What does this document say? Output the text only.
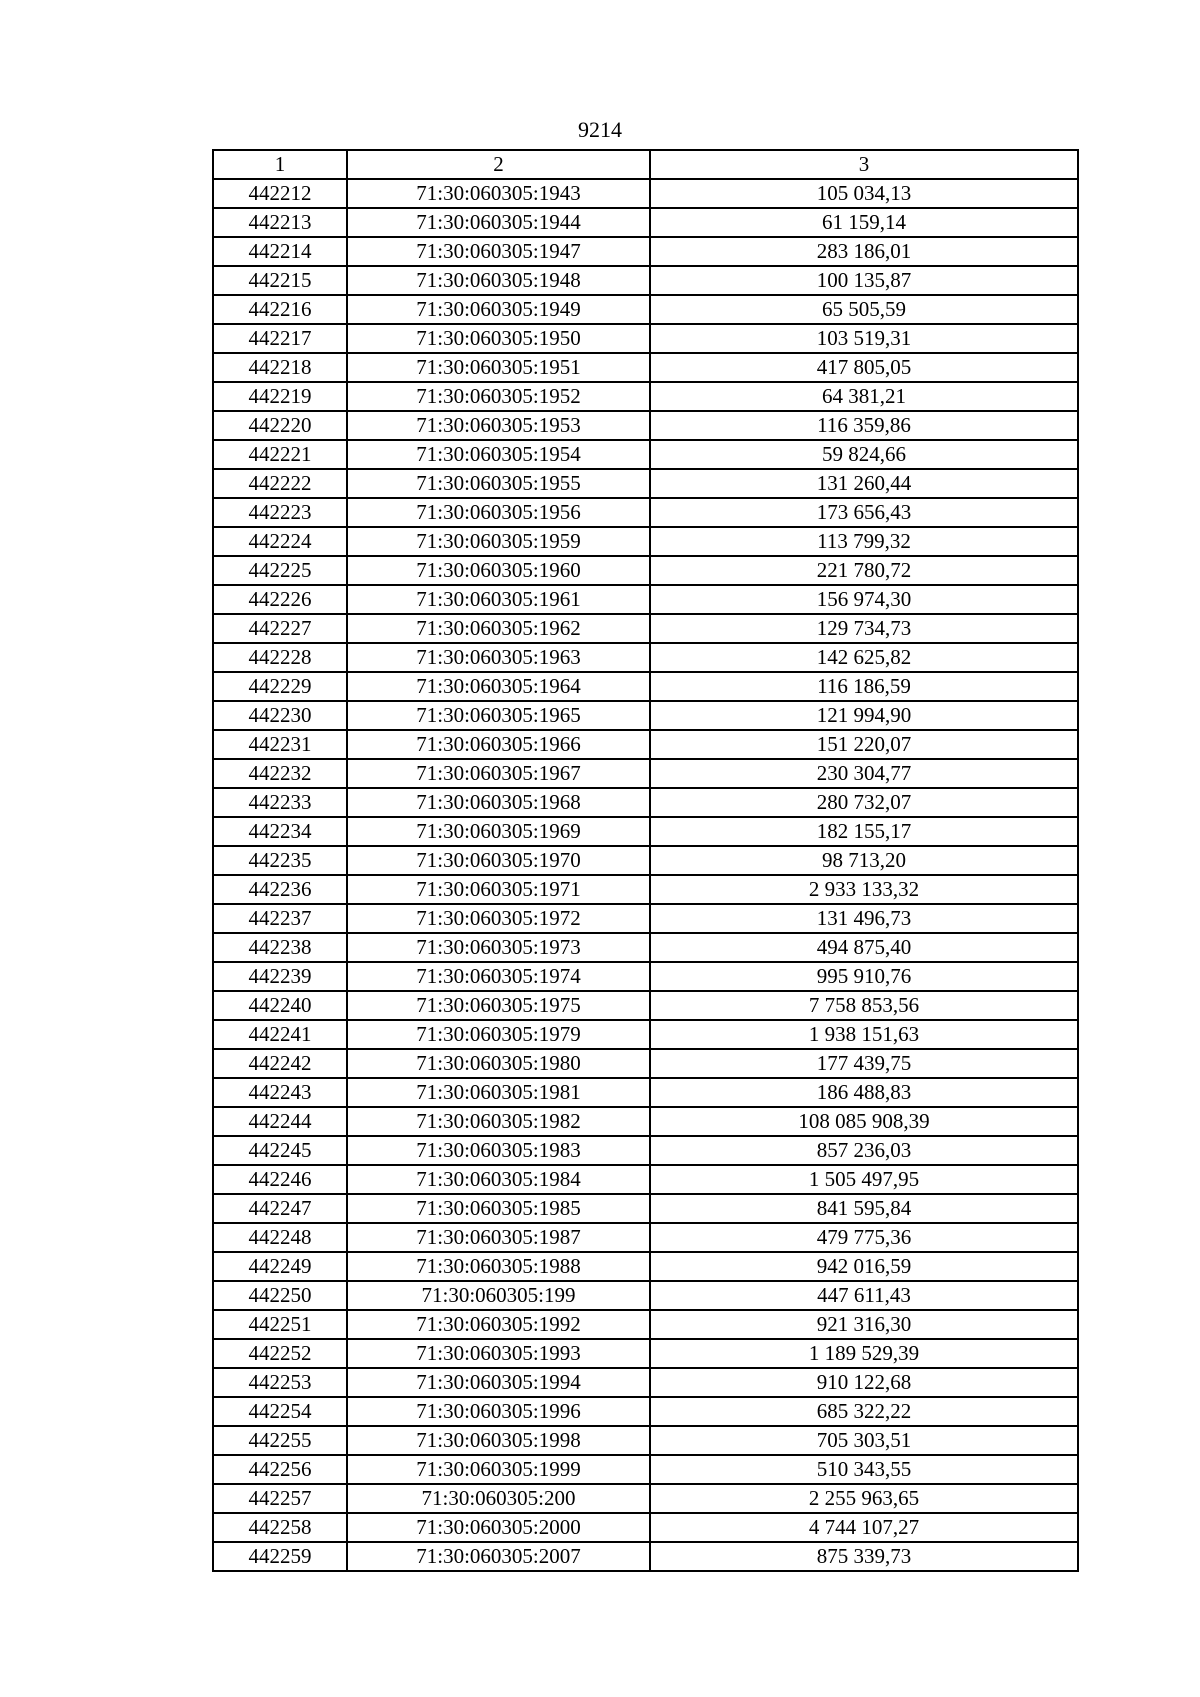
9214
1	2	3
442212	71:30:060305:1943	105 034,13
442213	71:30:060305:1944	61 159,14
442214	71:30:060305:1947	283 186,01
442215	71:30:060305:1948	100 135,87
442216	71:30:060305:1949	65 505,59
442217	71:30:060305:1950	103 519,31
442218	71:30:060305:1951	417 805,05
442219	71:30:060305:1952	64 381,21
442220	71:30:060305:1953	116 359,86
442221	71:30:060305:1954	59 824,66
442222	71:30:060305:1955	131 260,44
442223	71:30:060305:1956	173 656,43
442224	71:30:060305:1959	113 799,32
442225	71:30:060305:1960	221 780,72
442226	71:30:060305:1961	156 974,30
442227	71:30:060305:1962	129 734,73
442228	71:30:060305:1963	142 625,82
442229	71:30:060305:1964	116 186,59
442230	71:30:060305:1965	121 994,90
442231	71:30:060305:1966	151 220,07
442232	71:30:060305:1967	230 304,77
442233	71:30:060305:1968	280 732,07
442234	71:30:060305:1969	182 155,17
442235	71:30:060305:1970	98 713,20
442236	71:30:060305:1971	2 933 133,32
442237	71:30:060305:1972	131 496,73
442238	71:30:060305:1973	494 875,40
442239	71:30:060305:1974	995 910,76
442240	71:30:060305:1975	7 758 853,56
442241	71:30:060305:1979	1 938 151,63
442242	71:30:060305:1980	177 439,75
442243	71:30:060305:1981	186 488,83
442244	71:30:060305:1982	108 085 908,39
442245	71:30:060305:1983	857 236,03
442246	71:30:060305:1984	1 505 497,95
442247	71:30:060305:1985	841 595,84
442248	71:30:060305:1987	479 775,36
442249	71:30:060305:1988	942 016,59
442250	71:30:060305:199	447 611,43
442251	71:30:060305:1992	921 316,30
442252	71:30:060305:1993	1 189 529,39
442253	71:30:060305:1994	910 122,68
442254	71:30:060305:1996	685 322,22
442255	71:30:060305:1998	705 303,51
442256	71:30:060305:1999	510 343,55
442257	71:30:060305:200	2 255 963,65
442258	71:30:060305:2000	4 744 107,27
442259	71:30:060305:2007	875 339,73
